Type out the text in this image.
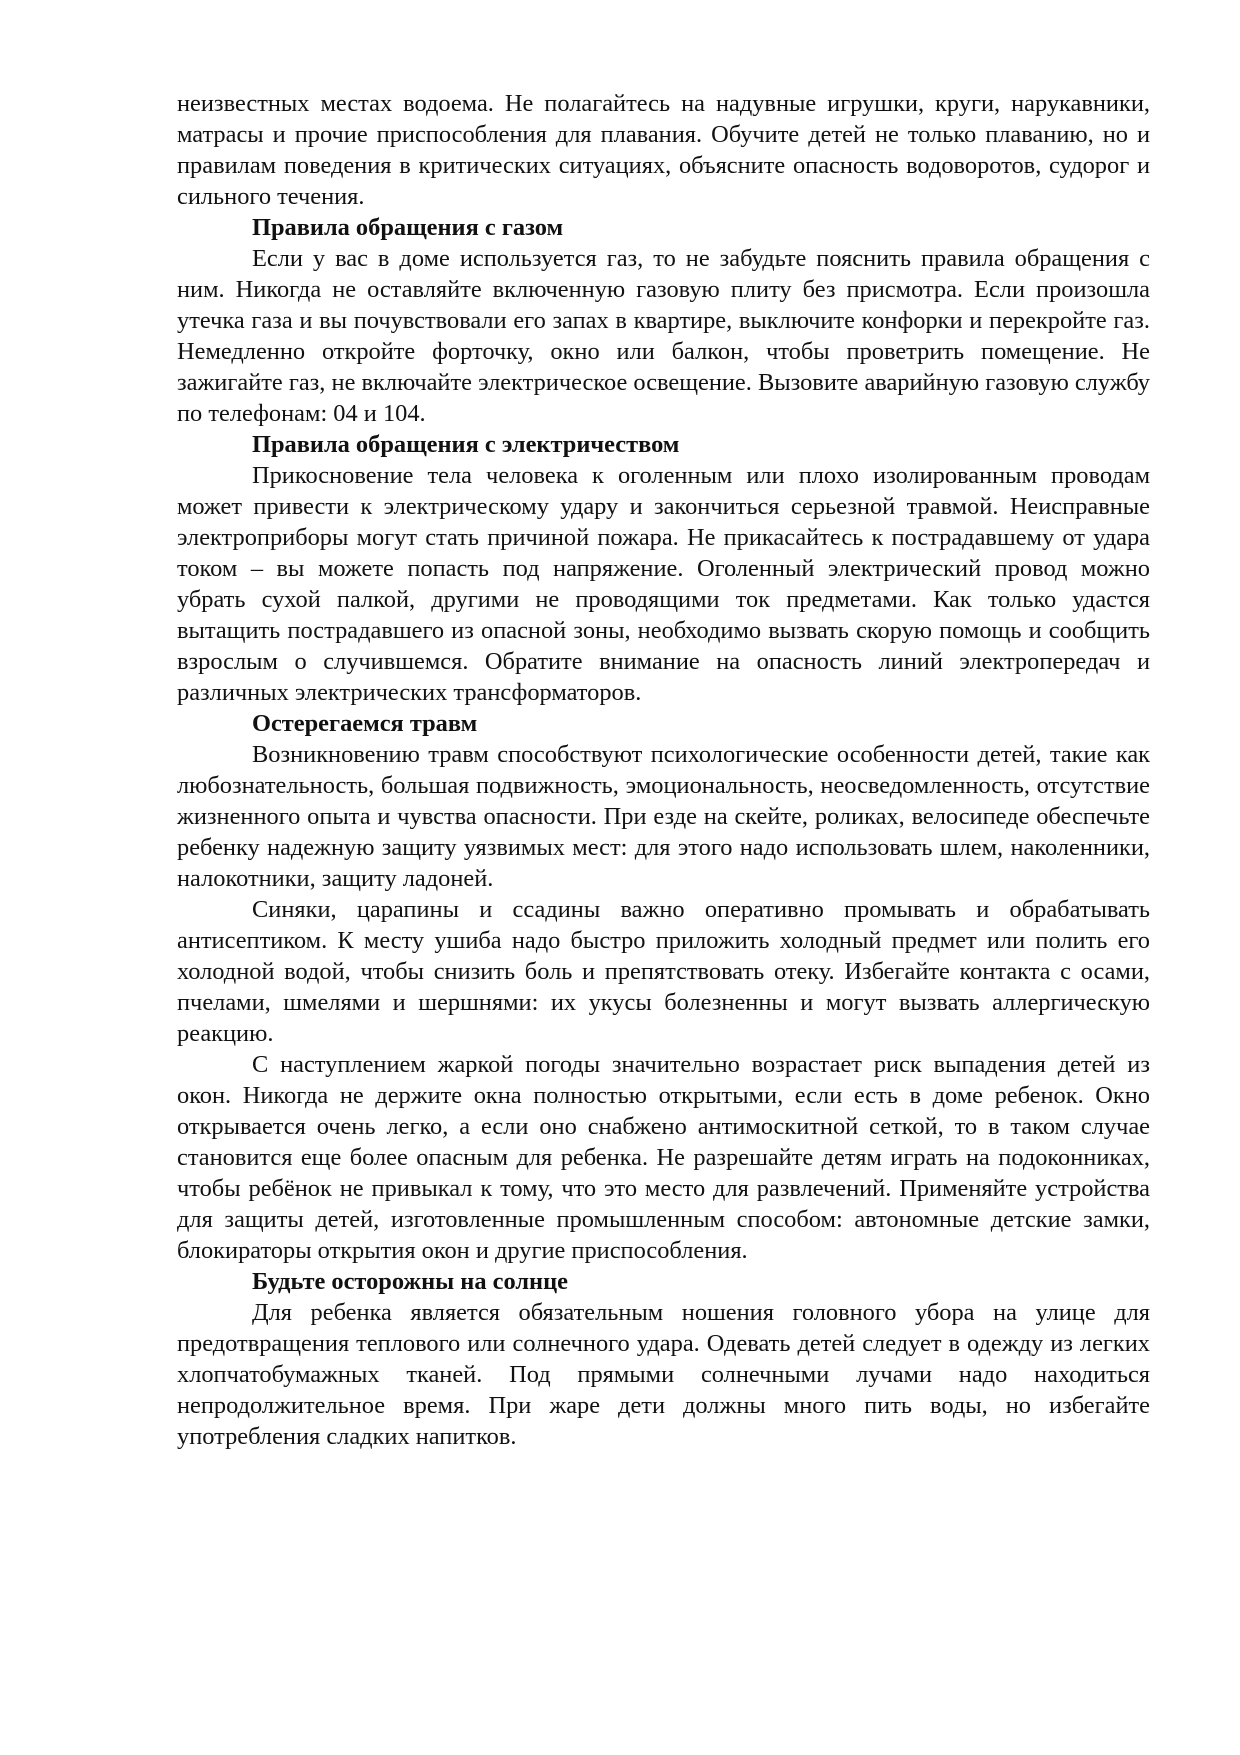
неизвестных местах водоема. Не полагайтесь на надувные игрушки, круги, нарукавники, матрасы и прочие приспособления для плавания. Обучите детей не только плаванию, но и правилам поведения в критических ситуациях, объясните опасность водоворотов, судорог и сильного течения.

Правила обращения с газом

Если у вас в доме используется газ, то не забудьте пояснить правила обращения с ним. Никогда не оставляйте включенную газовую плиту без присмотра. Если произошла утечка газа и вы почувствовали его запах в квартире, выключите конфорки и перекройте газ. Немедленно откройте форточку, окно или балкон, чтобы проветрить помещение. Не зажигайте газ, не включайте электрическое освещение. Вызовите аварийную газовую службу по телефонам: 04 и 104.

Правила обращения с электричеством

Прикосновение тела человека к оголенным или плохо изолированным проводам может привести к электрическому удару и закончиться серьезной травмой. Неисправные электроприборы могут стать причиной пожара. Не прикасайтесь к пострадавшему от удара током – вы можете попасть под напряжение. Оголенный электрический провод можно убрать сухой палкой, другими не проводящими ток предметами. Как только удастся вытащить пострадавшего из опасной зоны, необходимо вызвать скорую помощь и сообщить взрослым о случившемся. Обратите внимание на опасность линий электропередач и различных электрических трансформаторов.

Остерегаемся травм

Возникновению травм способствуют психологические особенности детей, такие как любознательность, большая подвижность, эмоциональность, неосведомленность, отсутствие жизненного опыта и чувства опасности. При езде на скейте, роликах, велосипеде обеспечьте ребенку надежную защиту уязвимых мест: для этого надо использовать шлем, наколенники, налокотники, защиту ладоней.

Синяки, царапины и ссадины важно оперативно промывать и обрабатывать антисептиком. К месту ушиба надо быстро приложить холодный предмет или полить его холодной водой, чтобы снизить боль и препятствовать отеку. Избегайте контакта с осами, пчелами, шмелями и шершнями: их укусы болезненны и могут вызвать аллергическую реакцию.

С наступлением жаркой погоды значительно возрастает риск выпадения детей из окон. Никогда не держите окна полностью открытыми, если есть в доме ребенок. Окно открывается очень легко, а если оно снабжено антимоскитной сеткой, то в таком случае становится еще более опасным для ребенка. Не разрешайте детям играть на подоконниках, чтобы ребёнок не привыкал к тому, что это место для развлечений. Применяйте устройства для защиты детей, изготовленные промышленным способом: автономные детские замки, блокираторы открытия окон и другие приспособления.

Будьте осторожны на солнце

Для ребенка является обязательным ношения головного убора на улице для предотвращения теплового или солнечного удара. Одевать детей следует в одежду из легких хлопчатобумажных тканей. Под прямыми солнечными лучами надо находиться непродолжительное время. При жаре дети должны много пить воды, но избегайте употребления сладких напитков.
